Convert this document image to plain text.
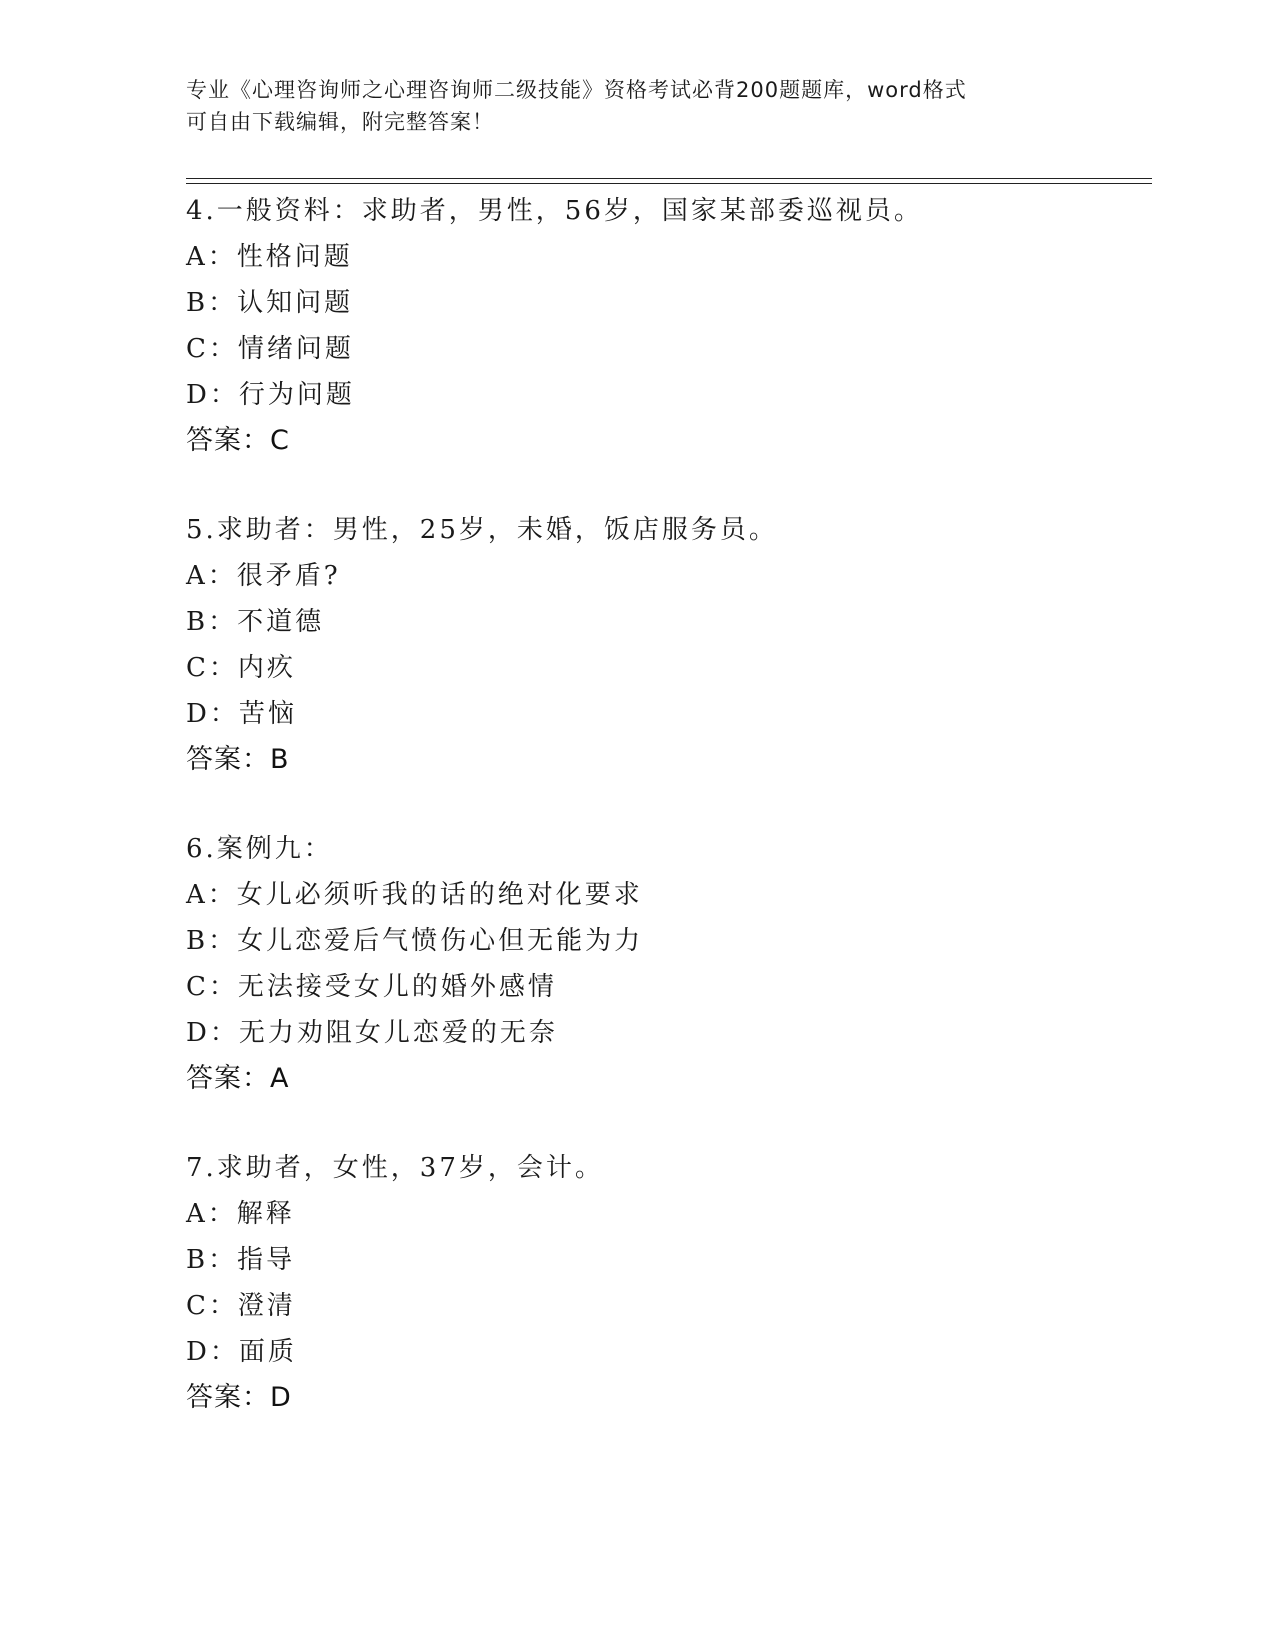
专业《心理咨询师之心理咨询师二级技能》资格考试必背200题题库，word格式
可自由下载编辑，附完整答案！
4.一般资料：求助者，男性，56岁，国家某部委巡视员。
A：性格问题
B：认知问题
C：情绪问题
D：行为问题
答案：C
5.求助者：男性，25岁，未婚，饭店服务员。
A：很矛盾?
B：不道德
C：内疚
D：苦恼
答案：B
6.案例九：
A：女儿必须听我的话的绝对化要求
B：女儿恋爱后气愤伤心但无能为力
C：无法接受女儿的婚外感情
D：无力劝阻女儿恋爱的无奈
答案：A
7.求助者，女性，37岁，会计。
A：解释
B：指导
C：澄清
D：面质
答案：D
